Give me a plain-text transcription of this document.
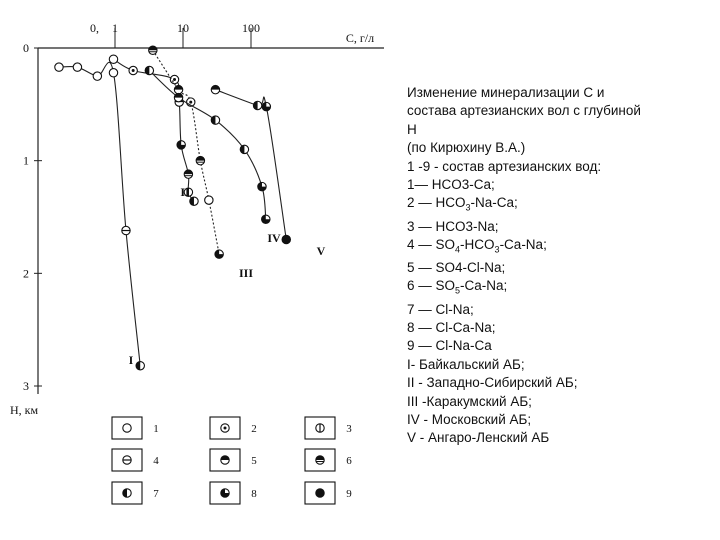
0, 1	10	100
С, г/л
0
1
2
3
Н, км
I
II
III
IV
V
1	2	3
4	5	6
7	8	9
Изменение минерализации С и
состава артезианских вол с глубиной
Н
(по Кирюхину В.А.)
1 -9 - состав артезианских вод:
1— HCO3-Ca;
2 — $HCO_3-Na-Ca$;
3 — HCO3-Na;
4 — $SO_4-HCO_3-Ca-Na$;
5 — SO4-Cl-Na;
6 — $SO_5-Ca-Na$;
7 — Cl-Na;
8 — Cl-Ca-Na;
9 — Cl-Na-Ca
I- Байкальский АБ;
II - Западно-Сибирский АБ;
III -Каракумский АБ;
IV - Московский АБ;
V - Ангаро-Ленский АБ
